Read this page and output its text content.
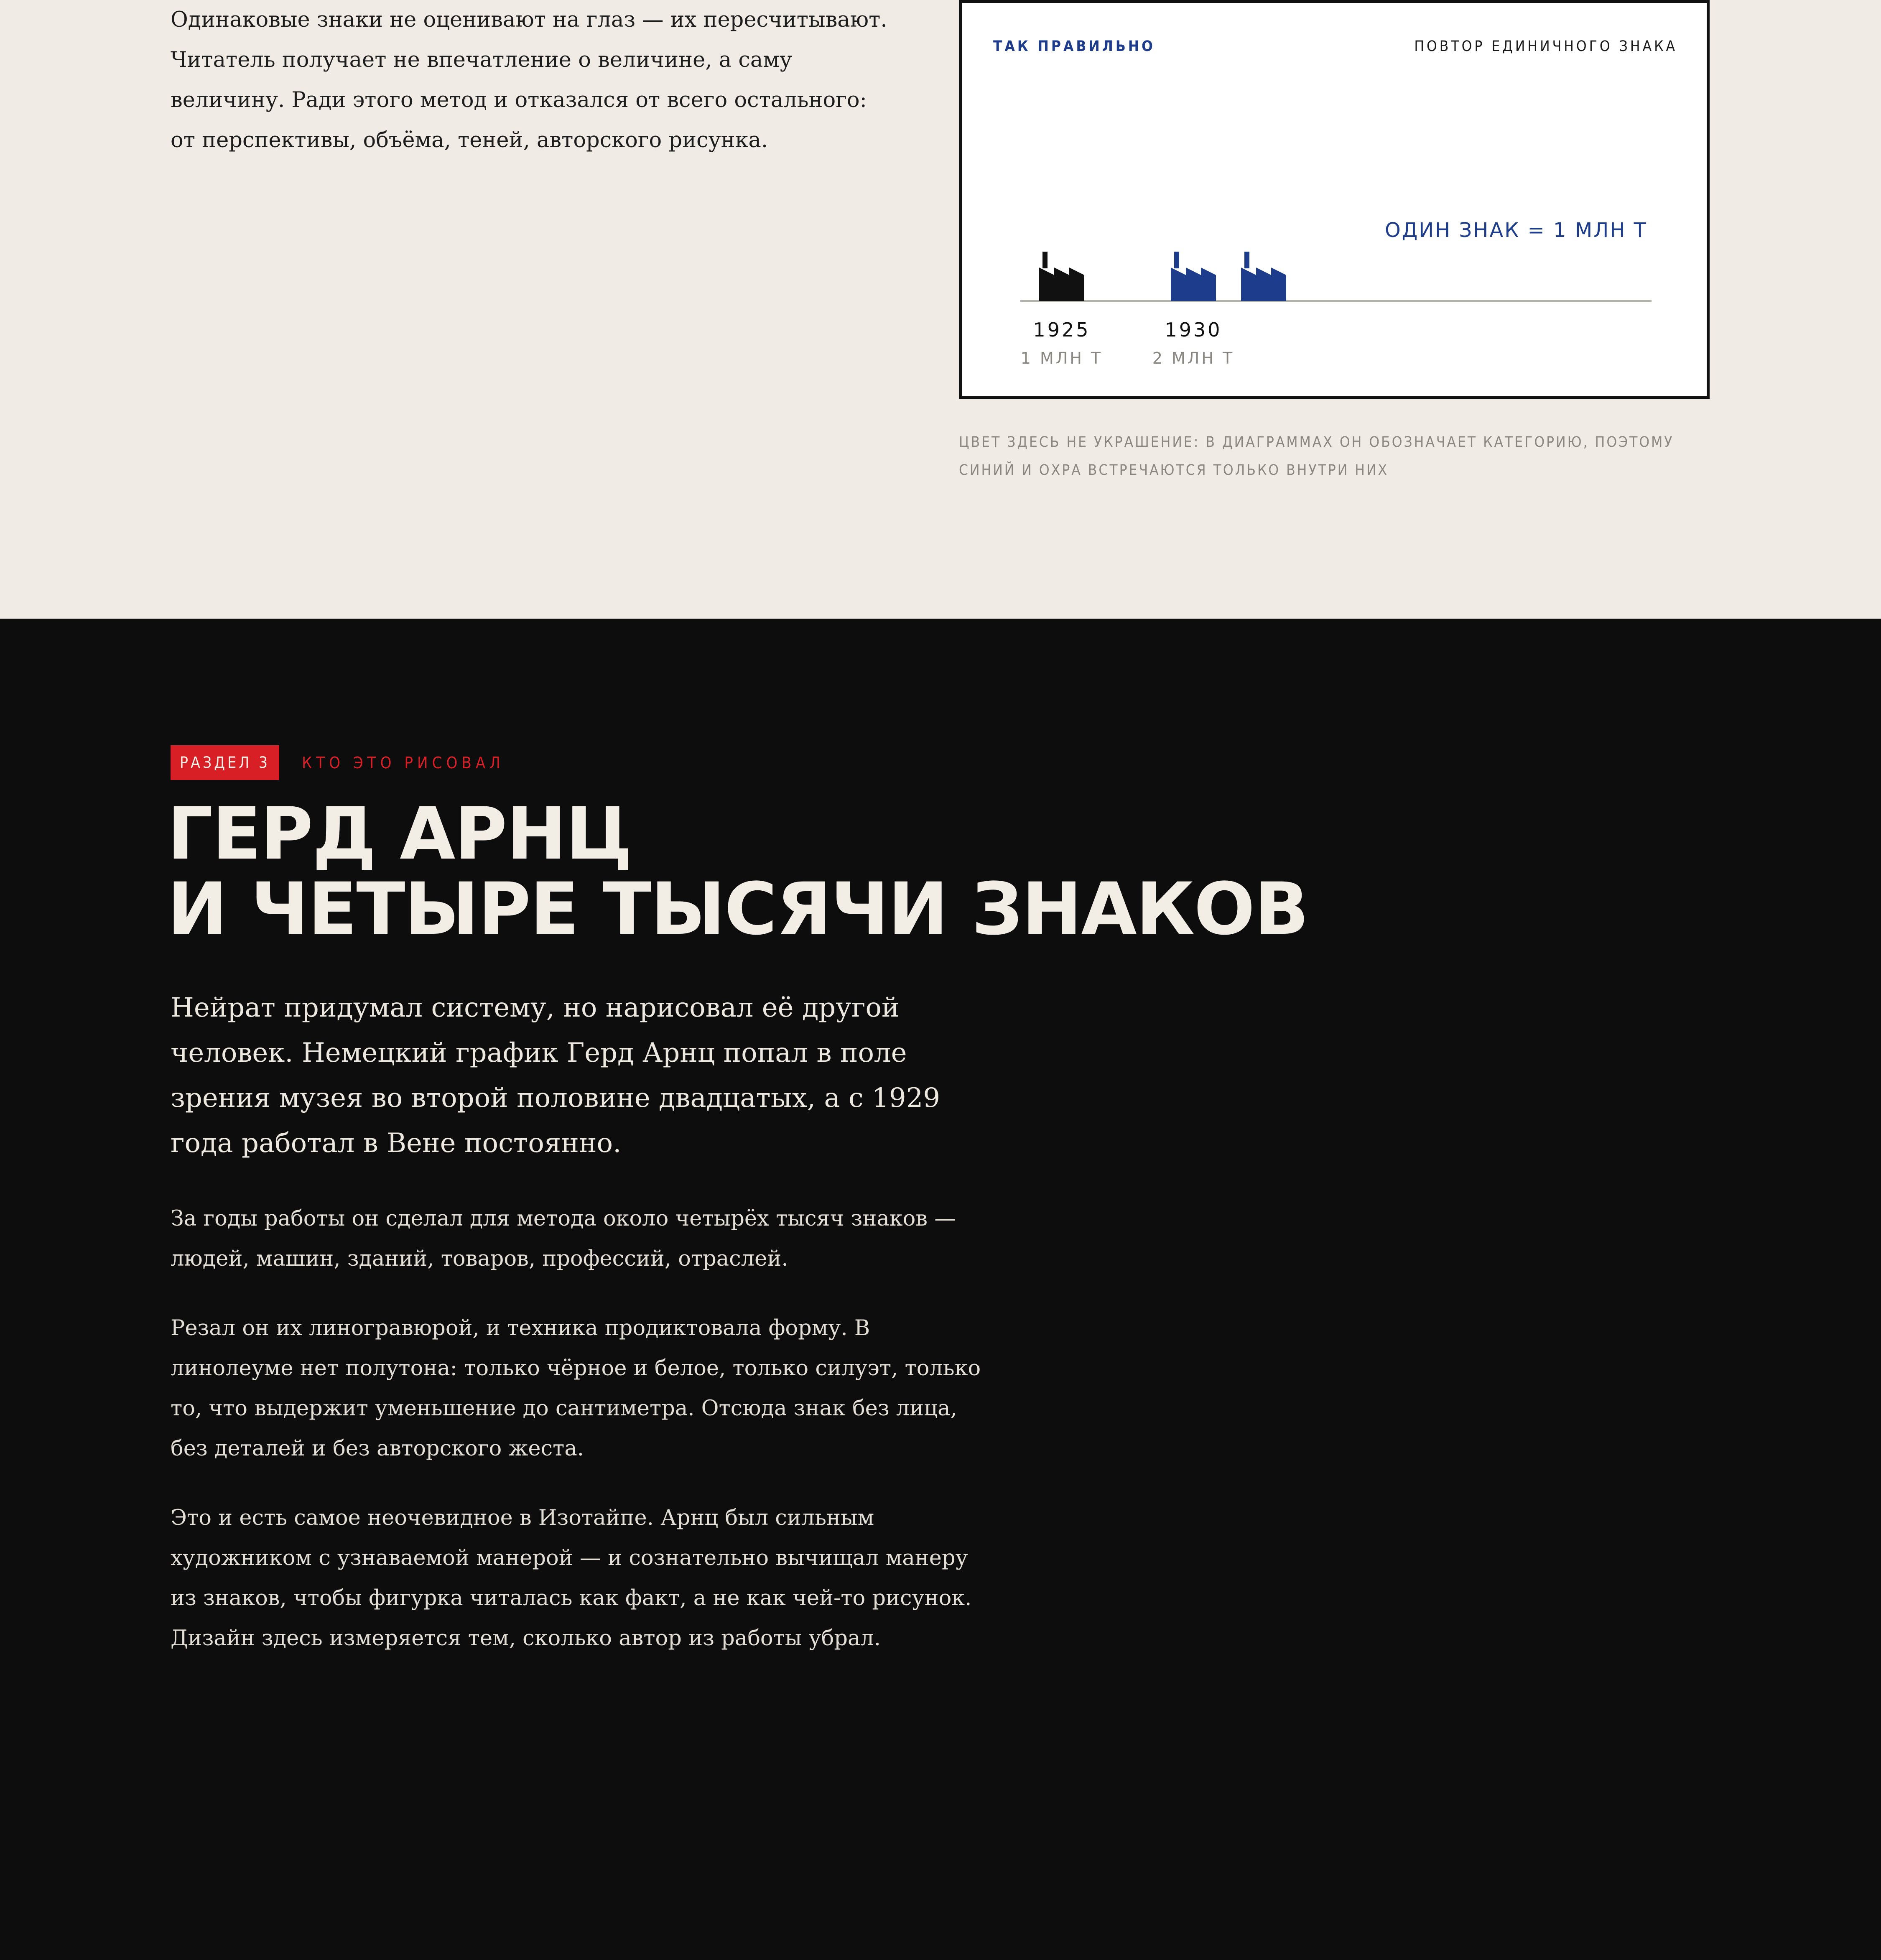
Одинаковые знаки не оценивают на глаз — их пересчитывают. Читатель получает не впечатление о величине, а саму величину. Ради этого метод и отказался от всего остального: от перспективы, объёма, теней, авторского рисунка.

ТАК ПРАВИЛЬНО	ПОВТОР ЕДИНИЧНОГО ЗНАКА
1925
1 МЛН Т
1930
2 МЛН Т
ОДИН ЗНАК = 1 МЛН Т

ЦВЕТ ЗДЕСЬ НЕ УКРАШЕНИЕ: В ДИАГРАММАХ ОН ОБОЗНАЧАЕТ КАТЕГОРИЮ, ПОЭТОМУ СИНИЙ И ОХРА ВСТРЕЧАЮТСЯ ТОЛЬКО ВНУТРИ НИХ

РАЗДЕЛ 3	КТО ЭТО РИСОВАЛ
ГЕРД АРНЦ
И ЧЕТЫРЕ ТЫСЯЧИ ЗНАКОВ

Нейрат придумал систему, но нарисовал её другой человек. Немецкий график Герд Арнц попал в поле зрения музея во второй половине двадцатых, а с 1929 года работал в Вене постоянно.

За годы работы он сделал для метода около четырёх тысяч знаков — людей, машин, зданий, товаров, профессий, отраслей.

Резал он их линогравюрой, и техника продиктовала форму. В линолеуме нет полутона: только чёрное и белое, только силуэт, только то, что выдержит уменьшение до сантиметра. Отсюда знак без лица, без деталей и без авторского жеста.

Это и есть самое неочевидное в Изотайпе. Арнц был сильным художником с узнаваемой манерой — и сознательно вычищал манеру из знаков, чтобы фигурка читалась как факт, а не как чей-то рисунок. Дизайн здесь измеряется тем, сколько автор из работы убрал.
